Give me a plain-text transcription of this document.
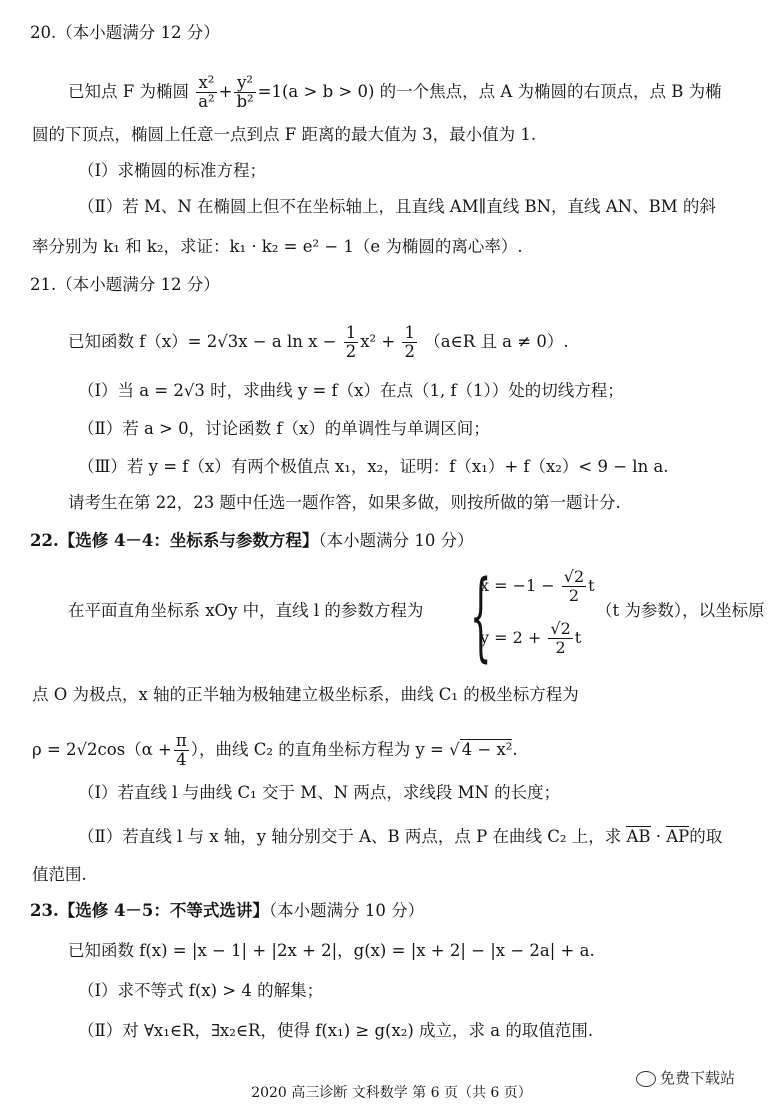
20.（本小题满分 12 分）
已知点 F 为椭圆 $\frac{\text{x²}}{\text{a²}} + \frac{\text{y²}}{\text{b²}} =1(a > b > 0)$ 的一个焦点，点 A 为椭圆的右顶点，点 B 为椭
圆的下顶点，椭圆上任意一点到点 F 距离的最大值为 3，最小值为 1.
（Ⅰ）求椭圆的标准方程；
（Ⅱ）若 M、N 在椭圆上但不在坐标轴上，且直线 AM∥直线 BN，直线 AN、BM 的斜
率分别为 k₁ 和 k₂，求证：k₁ · k₂ = e² − 1（e 为椭圆的离心率）.
21.（本小题满分 12 分）
已知函数 f（x）= 2√3x − a $\ln x - \frac{1}{2} x^2 + \frac{1}{2}$ （a∈R 且 a ≠ 0）.
（Ⅰ）当 a = 2√3 时，求曲线 y = f（x）在点（1, f（1））处的切线方程；
（Ⅱ）若 a > 0，讨论函数 f（x）的单调性与单调区间；
（Ⅲ）若 y = f（x）有两个极值点 x₁，x₂，证明：f（x₁）+ f（x₂）< 9 − ln a.
请考生在第 22，23 题中任选一题作答，如果多做，则按所做的第一题计分.
22.【选修 4－4：坐标系与参数方程】（本小题满分 10 分）
在平面直角坐标系 xOy 中，直线 l 的参数方程为 {
$x = -1 - \frac{√2}{2}$ t
$y = 2 + \frac{√2}{2}$ t
（t 为参数），以坐标原
点 O 为极点，x 轴的正半轴为极轴建立极坐标系，曲线 C₁ 的极坐标方程为
$\rho = 2√2\cos(\alpha + \frac{\pi}{4}$ ），曲线 C₂ 的直角坐标方程为 y = √ 4 − x².
（Ⅰ）若直线 l 与曲线 C₁ 交于 M、N 两点，求线段 MN 的长度；
（Ⅱ）若直线 l 与 x 轴，y 轴分别交于 A、B 两点，点 P 在曲线 C₂ 上，求 AB · AP的取
值范围.
23.【选修 4－5：不等式选讲】（本小题满分 10 分）
已知函数 f(x) = |x − 1| + |2x + 2|，g(x) = |x + 2| − |x − 2a| + a.
（Ⅰ）求不等式 f(x) > 4 的解集；
（Ⅱ）对 ∀x₁∈R，∃x₂∈R，使得 f(x₁) ≥ g(x₂) 成立，求 a 的取值范围.
免费下载站
2020 高三诊断 文科数学 第 6 页（共 6 页）
